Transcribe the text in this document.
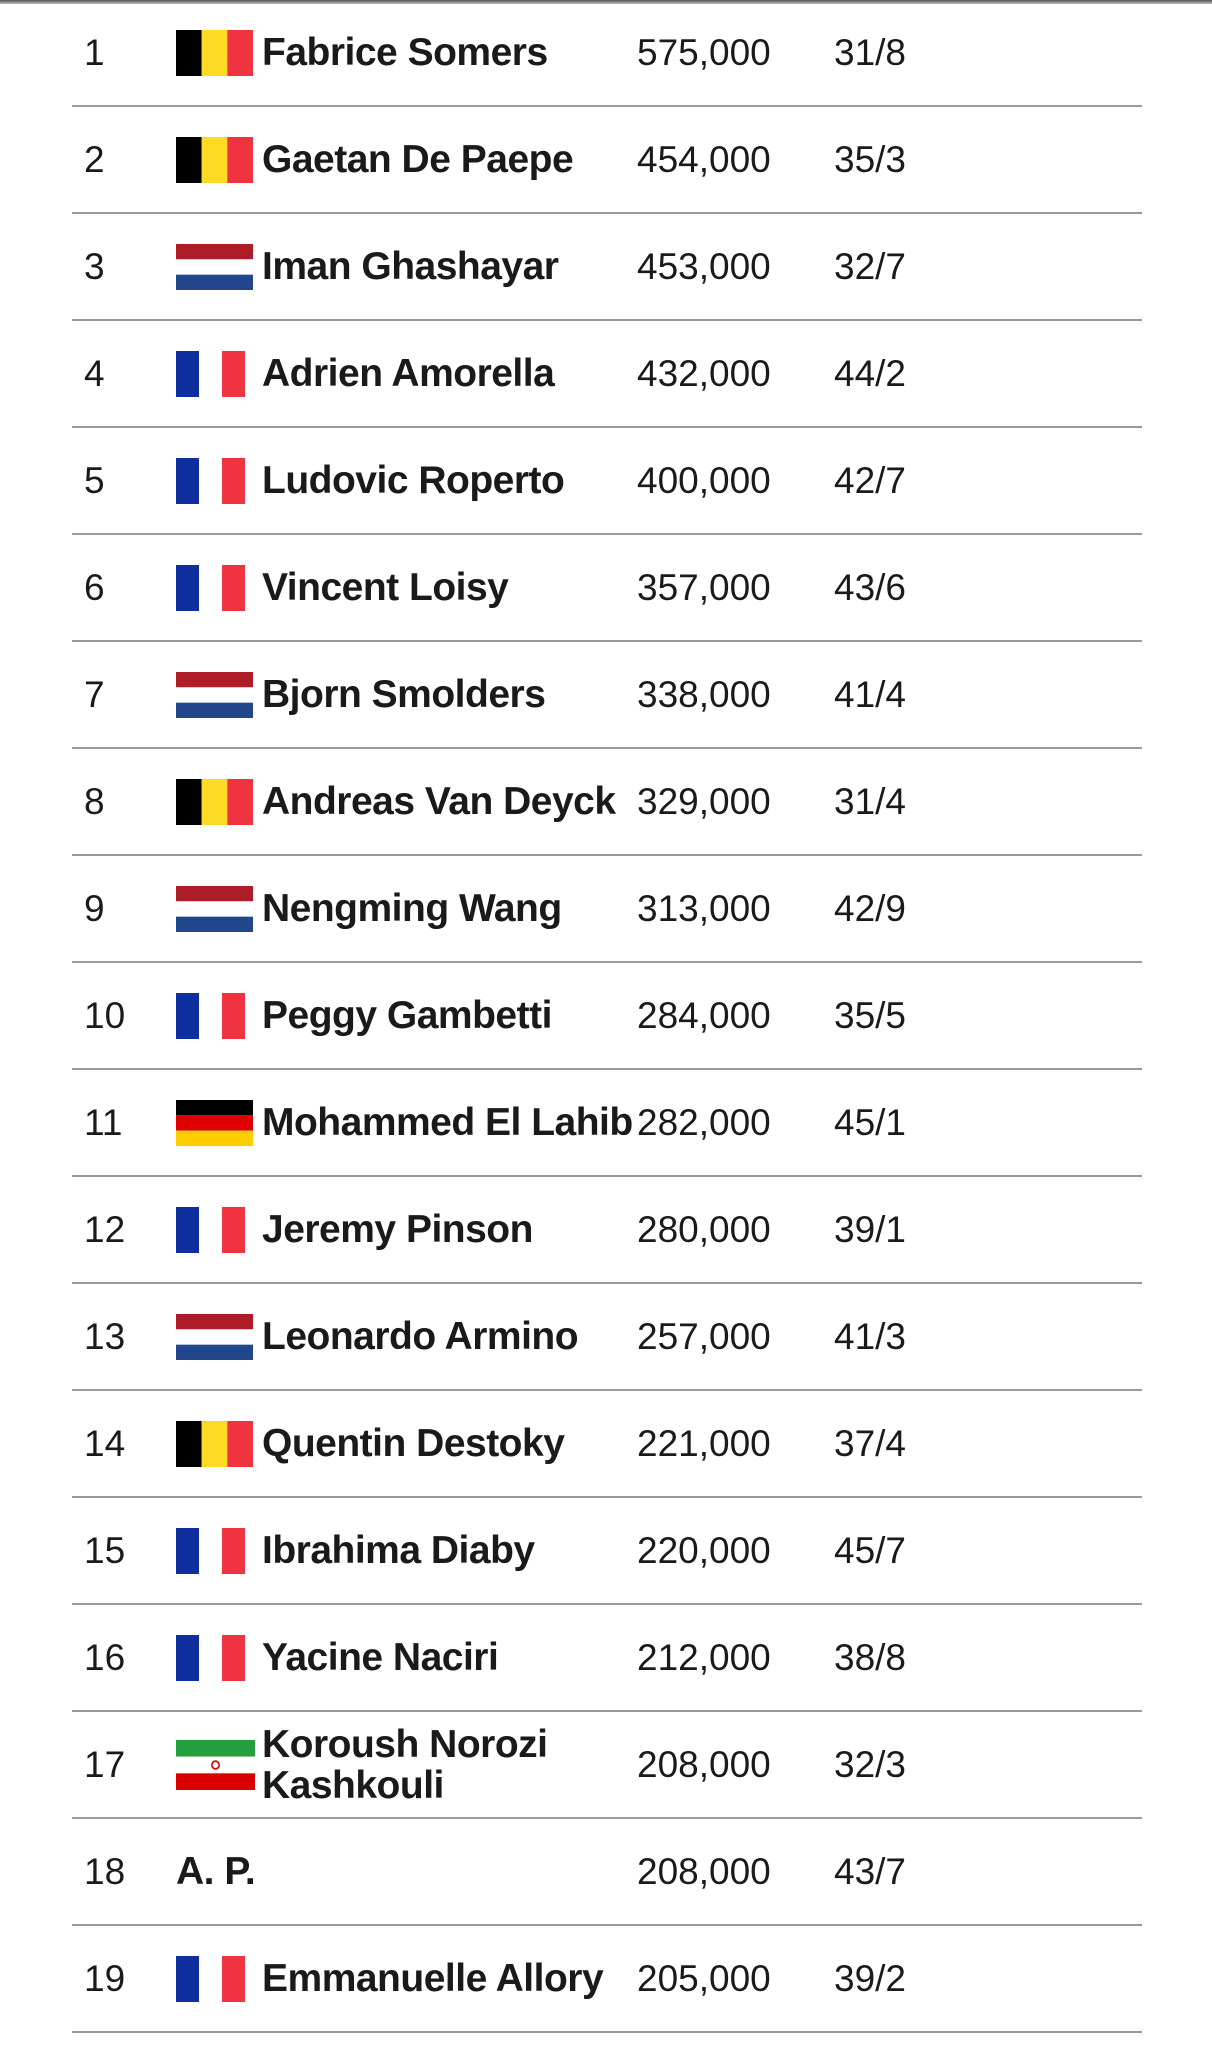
1	Fabrice Somers	575,000	31/8
2	Gaetan De Paepe	454,000	35/3
3	Iman Ghashayar	453,000	32/7
4	Adrien Amorella	432,000	44/2
5	Ludovic Roperto	400,000	42/7
6	Vincent Loisy	357,000	43/6
7	Bjorn Smolders	338,000	41/4
8	Andreas Van Deyck 329,000	31/4
9	Nengming Wang	313,000	42/9
10	Peggy Gambetti	284,000	35/5
11	Mohammed El Lahib 282,000	45/1
12	Jeremy Pinson	280,000	39/1
13	Leonardo Armino	257,000	41/3
14	Quentin Destoky	221,000	37/4
15	Ibrahima Diaby	220,000	45/7
16	Yacine Naciri	212,000	38/8
17	Koroush Norozi Kashkouli	208,000	32/3
18	A. P.	208,000	43/7
19	Emmanuelle Allory 205,000	39/2
